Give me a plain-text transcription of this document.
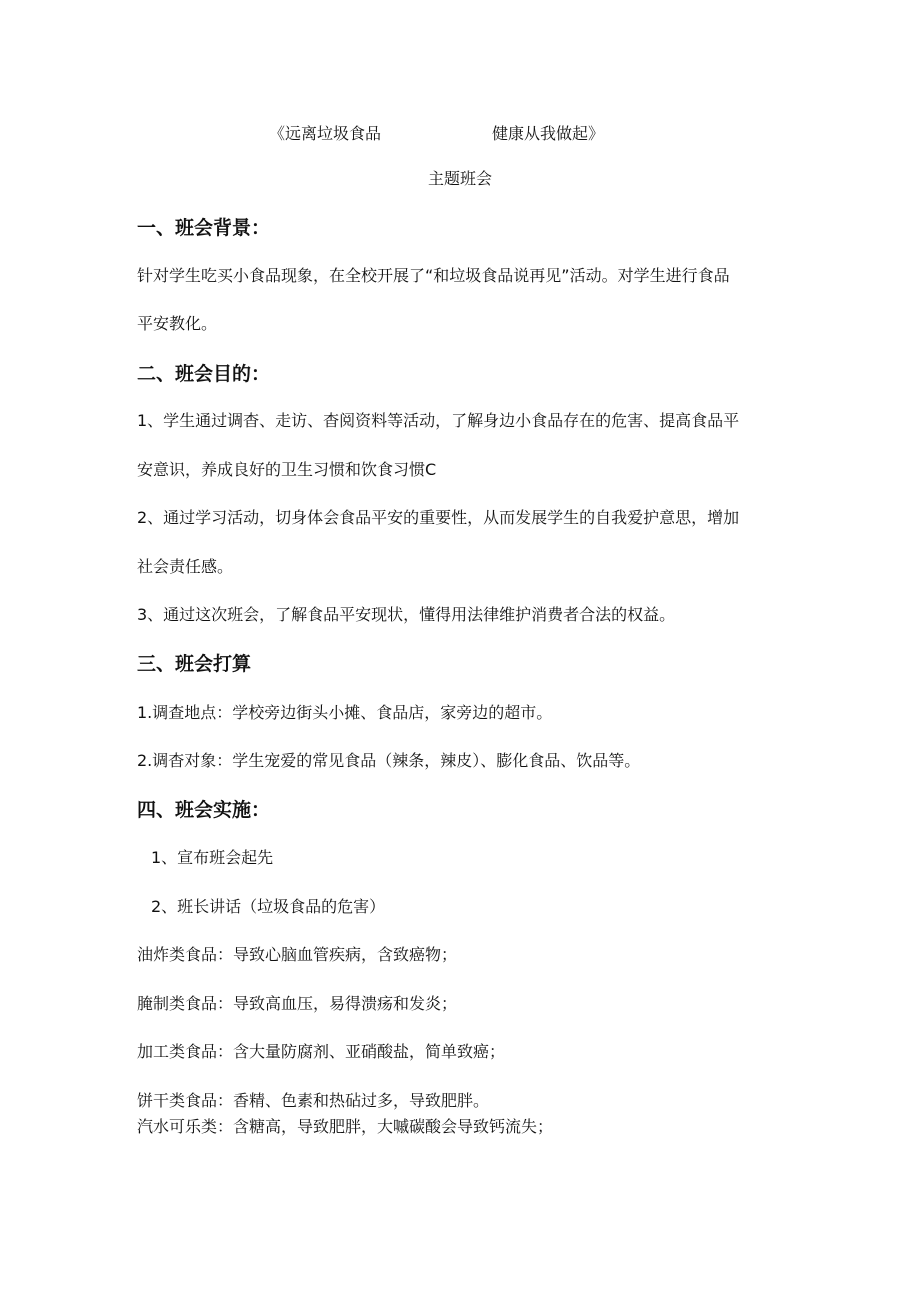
《远离垃圾食品	健康从我做起》
主题班会
一、班会背景：
针对学生吃买小食品现象，在全校开展了“和垃圾食品说再见”活动。对学生进行食品
平安教化。
二、班会目的：
1、学生通过调杳、走访、杳阅资料等活动，了解身边小食品存在的危害、提高食品平
安意识，养成良好的卫生习惯和饮食习惯C
2、通过学习活动，切身体会食品平安的重要性，从而发展学生的自我爱护意思，增加
社会责任感。
3、通过这次班会，了解食品平安现状，懂得用法律维护消费者合法的权益。
三、班会打算
1.调查地点：学校旁边街头小摊、食品店，家旁边的超市。
2.调杳对象：学生宠爱的常见食品（辣条，辣皮）、膨化食品、饮品等。
四、班会实施：
1、宣布班会起先
2、班长讲话（垃圾食品的危害）
油炸类食品：导致心脑血管疾病，含致癌物；
腌制类食品：导致高血压，易得溃疡和发炎；
加工类食品：含大量防腐剂、亚硝酸盐，简单致癌；
饼干类食品：香精、色素和热砧过多，导致肥胖。
汽水可乐类：含糖高，导致肥胖，大嘁碳酸会导致钙流失；
